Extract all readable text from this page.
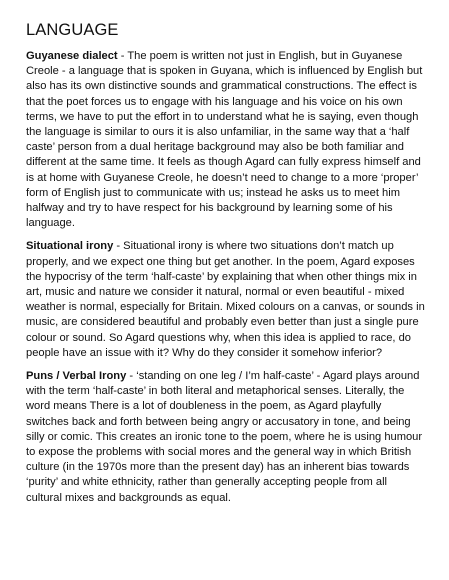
LANGUAGE

Guyanese dialect - The poem is written not just in English, but in Guyanese Creole - a language that is spoken in Guyana, which is influenced by English but also has its own distinctive sounds and grammatical constructions. The effect is that the poet forces us to engage with his language and his voice on his own terms, we have to put the effort in to understand what he is saying, even though the language is similar to ours it is also unfamiliar, in the same way that a ‘half caste’ person from a dual heritage background may also be both familiar and different at the same time. It feels as though Agard can fully express himself and is at home with Guyanese Creole, he doesn’t need to change to a more ‘proper’ form of English just to communicate with us; instead he asks us to meet him halfway and try to have respect for his background by learning some of his language.

Situational irony - Situational irony is where two situations don’t match up properly, and we expect one thing but get another. In the poem, Agard exposes the hypocrisy of the term ‘half-caste’ by explaining that when other things mix in art, music and nature we consider it natural, normal or even beautiful - mixed weather is normal, especially for Britain. Mixed colours on a canvas, or sounds in music, are considered beautiful and probably even better than just a single pure colour or sound. So Agard questions why, when this idea is applied to race, do people have an issue with it? Why do they consider it somehow inferior?

Puns / Verbal Irony - ‘standing on one leg / I’m half-caste’ - Agard plays around with the term ‘half-caste’ in both literal and metaphorical senses. Literally, the word means There is a lot of doubleness in the poem, as Agard playfully switches back and forth between being angry or accusatory in tone, and being silly or comic. This creates an ironic tone to the poem, where he is using humour to expose the problems with social mores and the general way in which British culture (in the 1970s more than the present day) has an inherent bias towards ‘purity’ and white ethnicity, rather than generally accepting people from all cultural mixes and backgrounds as equal.
